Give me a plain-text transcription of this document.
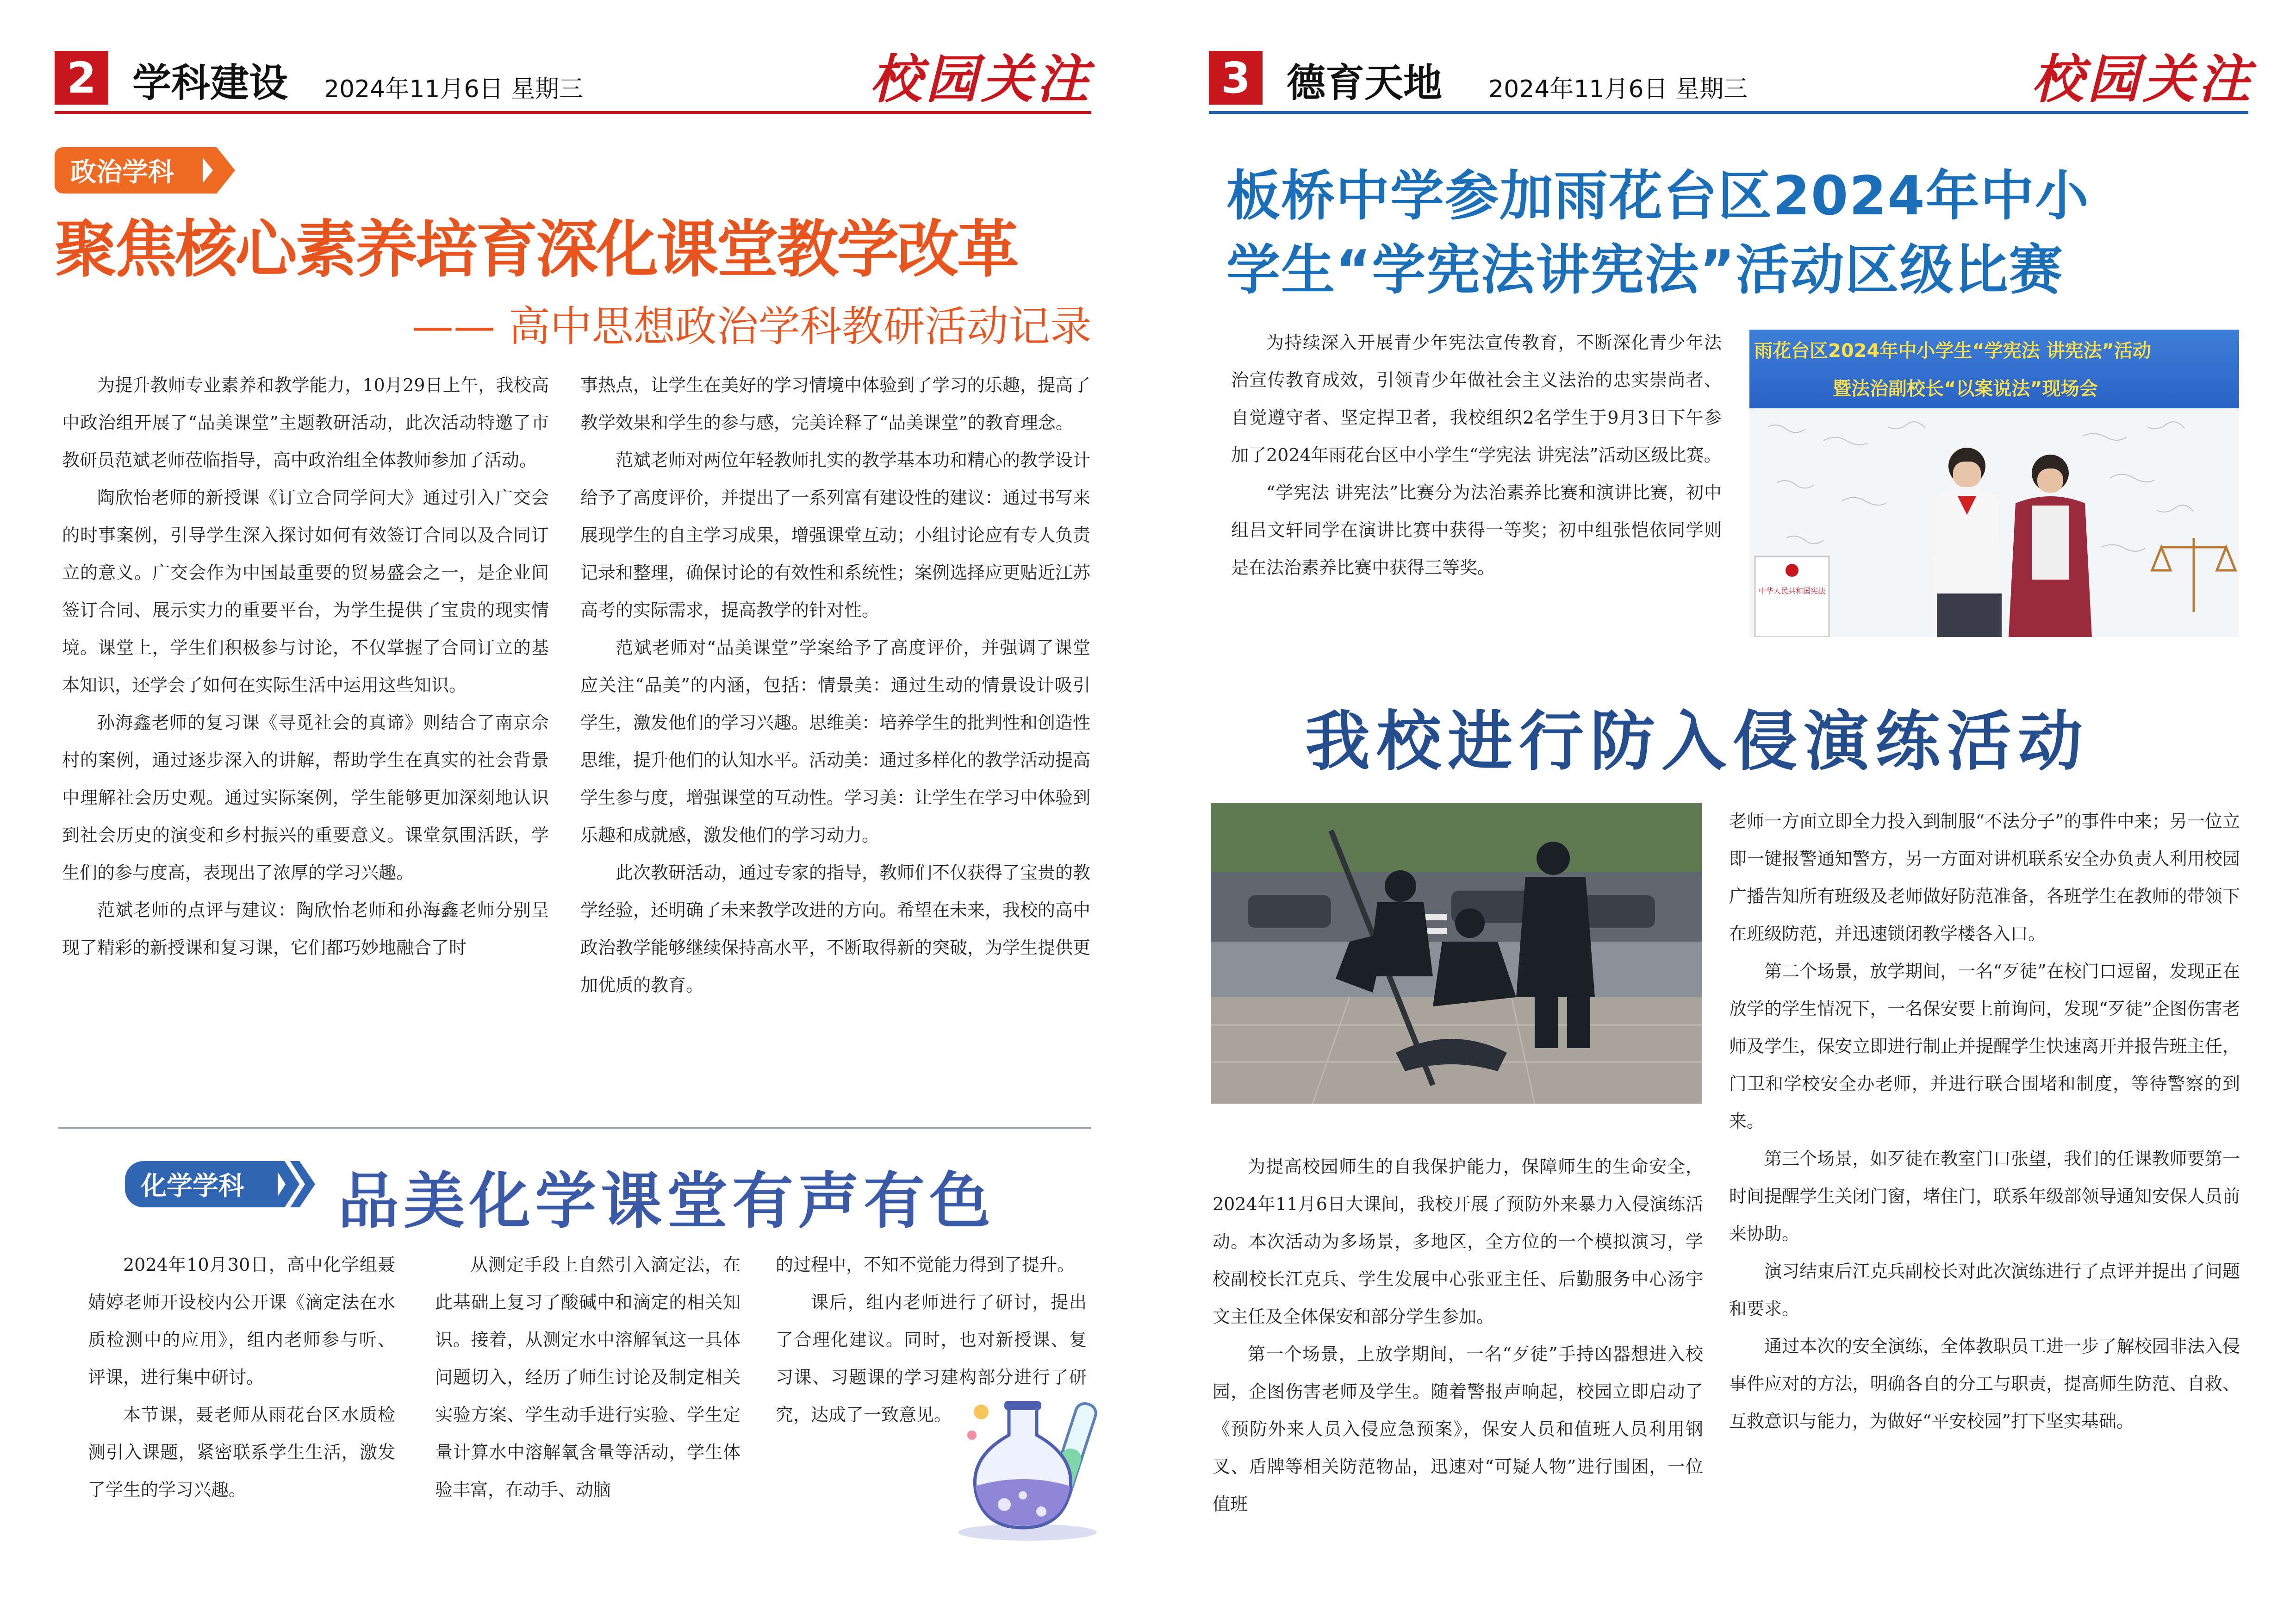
2 学科建设 2024年11月6日 星期三	校园关注
政治学科
聚焦核心素养培育深化课堂教学改革
—— 高中思想政治学科教研活动记录

为提升教师专业素养和教学能力，10月29日上午，我校高中政治组开展了“品美课堂”主题教研活动，此次活动特邀了市教研员范斌老师莅临指导，高中政治组全体教师参加了活动。

陶欣怡老师的新授课《订立合同学问大》通过引入广交会的时事案例，引导学生深入探讨如何有效签订合同以及合同订立的意义。广交会作为中国最重要的贸易盛会之一，是企业间签订合同、展示实力的重要平台，为学生提供了宝贵的现实情境。课堂上，学生们积极参与讨论，不仅掌握了合同订立的基本知识，还学会了如何在实际生活中运用这些知识。

孙海鑫老师的复习课《寻觅社会的真谛》则结合了南京佘村的案例，通过逐步深入的讲解，帮助学生在真实的社会背景中理解社会历史观。通过实际案例，学生能够更加深刻地认识到社会历史的演变和乡村振兴的重要意义。课堂氛围活跃，学生们的参与度高，表现出了浓厚的学习兴趣。

范斌老师的点评与建议：陶欣怡老师和孙海鑫老师分别呈现了精彩的新授课和复习课，它们都巧妙地融合了时

事热点，让学生在美好的学习情境中体验到了学习的乐趣，提高了教学效果和学生的参与感，完美诠释了“品美课堂”的教育理念。

范斌老师对两位年轻教师扎实的教学基本功和精心的教学设计给予了高度评价，并提出了一系列富有建设性的建议：通过书写来展现学生的自主学习成果，增强课堂互动；小组讨论应有专人负责记录和整理，确保讨论的有效性和系统性；案例选择应更贴近江苏高考的实际需求，提高教学的针对性。

范斌老师对“品美课堂”学案给予了高度评价，并强调了课堂应关注“品美”的内涵，包括：情景美：通过生动的情景设计吸引学生，激发他们的学习兴趣。思维美：培养学生的批判性和创造性思维，提升他们的认知水平。活动美：通过多样化的教学活动提高学生参与度，增强课堂的互动性。学习美：让学生在学习中体验到乐趣和成就感，激发他们的学习动力。

此次教研活动，通过专家的指导，教师们不仅获得了宝贵的教学经验，还明确了未来教学改进的方向。希望在未来，我校的高中政治教学能够继续保持高水平，不断取得新的突破，为学生提供更加优质的教育。

化学学科 品美化学课堂有声有色

2024年10月30日，高中化学组聂婧婷老师开设校内公开课《滴定法在水质检测中的应用》，组内老师参与听、评课，进行集中研讨。

本节课，聂老师从雨花台区水质检测引入课题，紧密联系学生生活，激发了学生的学习兴趣。

从测定手段上自然引入滴定法，在此基础上复习了酸碱中和滴定的相关知识。接着，从测定水中溶解氧这一具体问题切入，经历了师生讨论及制定相关实验方案、学生动手进行实验、学生定量计算水中溶解氧含量等活动，学生体验丰富，在动手、动脑

的过程中，不知不觉能力得到了提升。

课后，组内老师进行了研讨，提出了合理化建议。同时，也对新授课、复习课、习题课的学习建构部分进行了研究，达成了一致意见。

3 德育天地 2024年11月6日 星期三	校园关注
板桥中学参加雨花台区2024年中小
学生“学宪法讲宪法”活动区级比赛

为持续深入开展青少年宪法宣传教育，不断深化青少年法治宣传教育成效，引领青少年做社会主义法治的忠实崇尚者、自觉遵守者、坚定捍卫者，我校组织2名学生于9月3日下午参加了2024年雨花台区中小学生“学宪法 讲宪法”活动区级比赛。

“学宪法 讲宪法”比赛分为法治素养比赛和演讲比赛，初中组吕文轩同学在演讲比赛中获得一等奖；初中组张恺依同学则是在法治素养比赛中获得三等奖。

雨花台区2024年中小学生“学宪法 讲宪法”活动
暨法治副校长“以案说法”现场会
中华人民共和国宪法
我校进行防入侵演练活动

为提高校园师生的自我保护能力，保障师生的生命安全，2024年11月6日大课间，我校开展了预防外来暴力入侵演练活动。本次活动为多场景，多地区，全方位的一个模拟演习，学校副校长江克兵、学生发展中心张亚主任、后勤服务中心汤宇文主任及全体保安和部分学生参加。

第一个场景，上放学期间，一名“歹徒”手持凶器想进入校园，企图伤害老师及学生。随着警报声响起，校园立即启动了《预防外来人员入侵应急预案》，保安人员和值班人员利用钢叉、盾牌等相关防范物品，迅速对“可疑人物”进行围困，一位值班

老师一方面立即全力投入到制服“不法分子”的事件中来；另一位立即一键报警通知警方，另一方面对讲机联系安全办负责人利用校园广播告知所有班级及老师做好防范准备，各班学生在教师的带领下在班级防范，并迅速锁闭教学楼各入口。

第二个场景，放学期间，一名“歹徒”在校门口逗留，发现正在放学的学生情况下，一名保安要上前询问，发现“歹徒”企图伤害老师及学生，保安立即进行制止并提醒学生快速离开并报告班主任，门卫和学校安全办老师，并进行联合围堵和制度，等待警察的到来。

第三个场景，如歹徒在教室门口张望，我们的任课教师要第一时间提醒学生关闭门窗，堵住门，联系年级部领导通知安保人员前来协助。

演习结束后江克兵副校长对此次演练进行了点评并提出了问题和要求。

通过本次的安全演练，全体教职员工进一步了解校园非法入侵事件应对的方法，明确各自的分工与职责，提高师生防范、自救、互救意识与能力，为做好“平安校园”打下坚实基础。
